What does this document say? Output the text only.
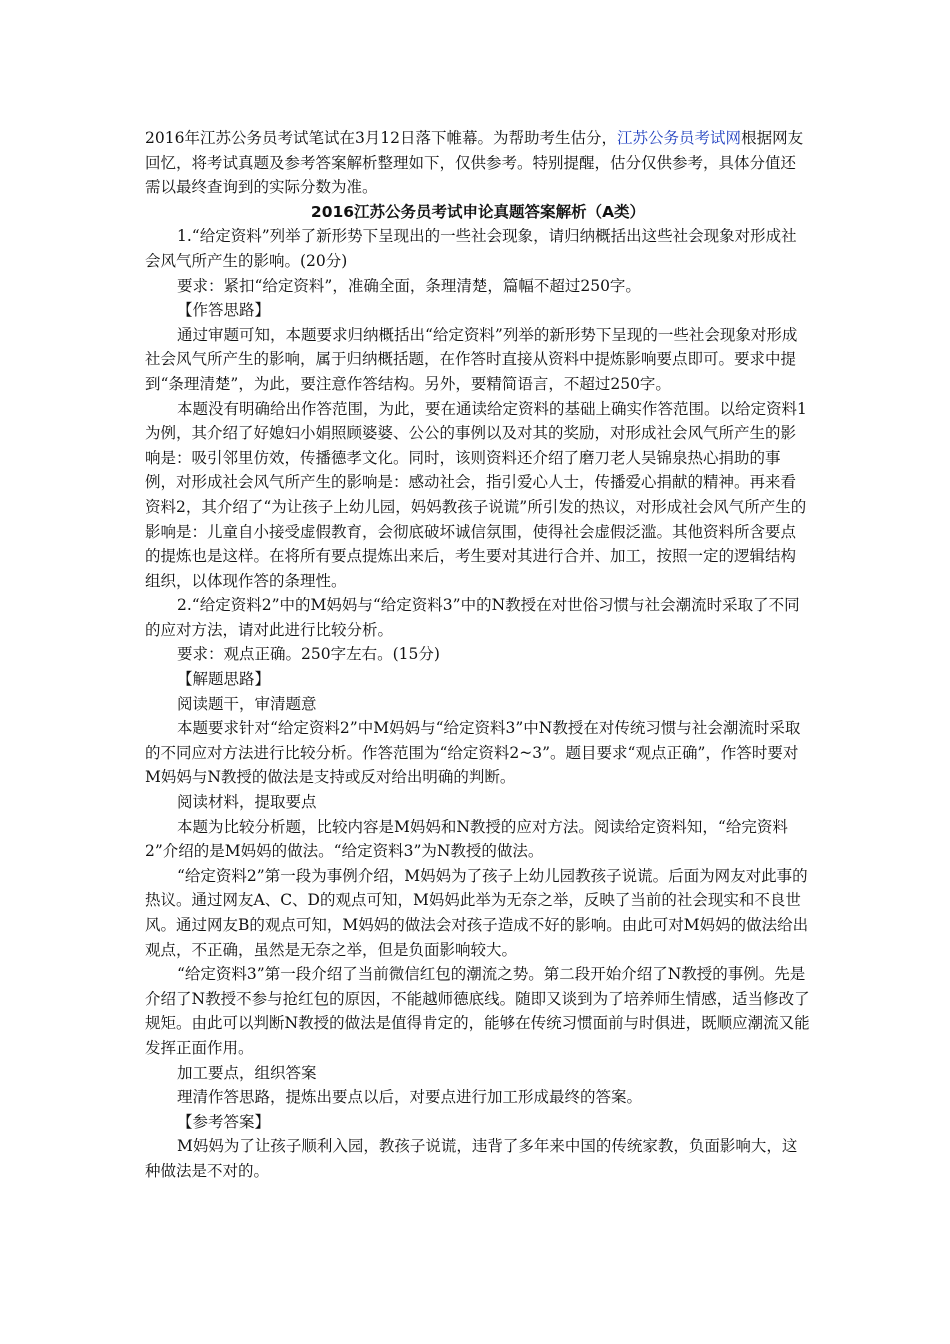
2016年江苏公务员考试笔试在3月12日落下帷幕。为帮助考生估分，江苏公务员考试网根据网友回忆，将考试真题及参考答案解析整理如下，仅供参考。特别提醒，估分仅供参考，具体分值还需以最终查询到的实际分数为准。

2016江苏公务员考试申论真题答案解析（A类）

1.“给定资料”列举了新形势下呈现出的一些社会现象，请归纳概括出这些社会现象对形成社会风气所产生的影响。(20分)

要求：紧扣“给定资料”，准确全面，条理清楚，篇幅不超过250字。

【作答思路】

通过审题可知，本题要求归纳概括出“给定资料”列举的新形势下呈现的一些社会现象对形成社会风气所产生的影响，属于归纳概括题，在作答时直接从资料中提炼影响要点即可。要求中提到“条理清楚”，为此，要注意作答结构。另外，要精简语言，不超过250字。

本题没有明确给出作答范围，为此，要在通读给定资料的基础上确实作答范围。以给定资料1为例，其介绍了好媳妇小娟照顾婆婆、公公的事例以及对其的奖励，对形成社会风气所产生的影响是：吸引邻里仿效，传播德孝文化。同时，该则资料还介绍了磨刀老人吴锦泉热心捐助的事例，对形成社会风气所产生的影响是：感动社会，指引爱心人士，传播爱心捐献的精神。再来看资料2，其介绍了“为让孩子上幼儿园，妈妈教孩子说谎”所引发的热议，对形成社会风气所产生的影响是：儿童自小接受虚假教育，会彻底破坏诚信氛围，使得社会虚假泛滥。其他资料所含要点的提炼也是这样。在将所有要点提炼出来后，考生要对其进行合并、加工，按照一定的逻辑结构组织，以体现作答的条理性。

2.“给定资料2”中的M妈妈与“给定资料3”中的N教授在对世俗习惯与社会潮流时采取了不同的应对方法，请对此进行比较分析。

要求：观点正确。250字左右。(15分)

【解题思路】

阅读题干，审清题意

本题要求针对“给定资料2”中M妈妈与“给定资料3”中N教授在对传统习惯与社会潮流时采取的不同应对方法进行比较分析。作答范围为“给定资料2~3”。题目要求“观点正确”，作答时要对M妈妈与N教授的做法是支持或反对给出明确的判断。

阅读材料，提取要点

本题为比较分析题，比较内容是M妈妈和N教授的应对方法。阅读给定资料知，“给完资料2”介绍的是M妈妈的做法。“给定资料3”为N教授的做法。

“给定资料2”第一段为事例介绍，M妈妈为了孩子上幼儿园教孩子说谎。后面为网友对此事的热议。通过网友A、C、D的观点可知，M妈妈此举为无奈之举，反映了当前的社会现实和不良世风。通过网友B的观点可知，M妈妈的做法会对孩子造成不好的影响。由此可对M妈妈的做法给出观点，不正确，虽然是无奈之举，但是负面影响较大。

“给定资料3”第一段介绍了当前微信红包的潮流之势。第二段开始介绍了N教授的事例。先是介绍了N教授不参与抢红包的原因，不能越师德底线。随即又谈到为了培养师生情感，适当修改了规矩。由此可以判断N教授的做法是值得肯定的，能够在传统习惯面前与时俱进，既顺应潮流又能发挥正面作用。

加工要点，组织答案

理清作答思路，提炼出要点以后，对要点进行加工形成最终的答案。

【参考答案】

M妈妈为了让孩子顺利入园，教孩子说谎，违背了多年来中国的传统家教，负面影响大，这种做法是不对的。
